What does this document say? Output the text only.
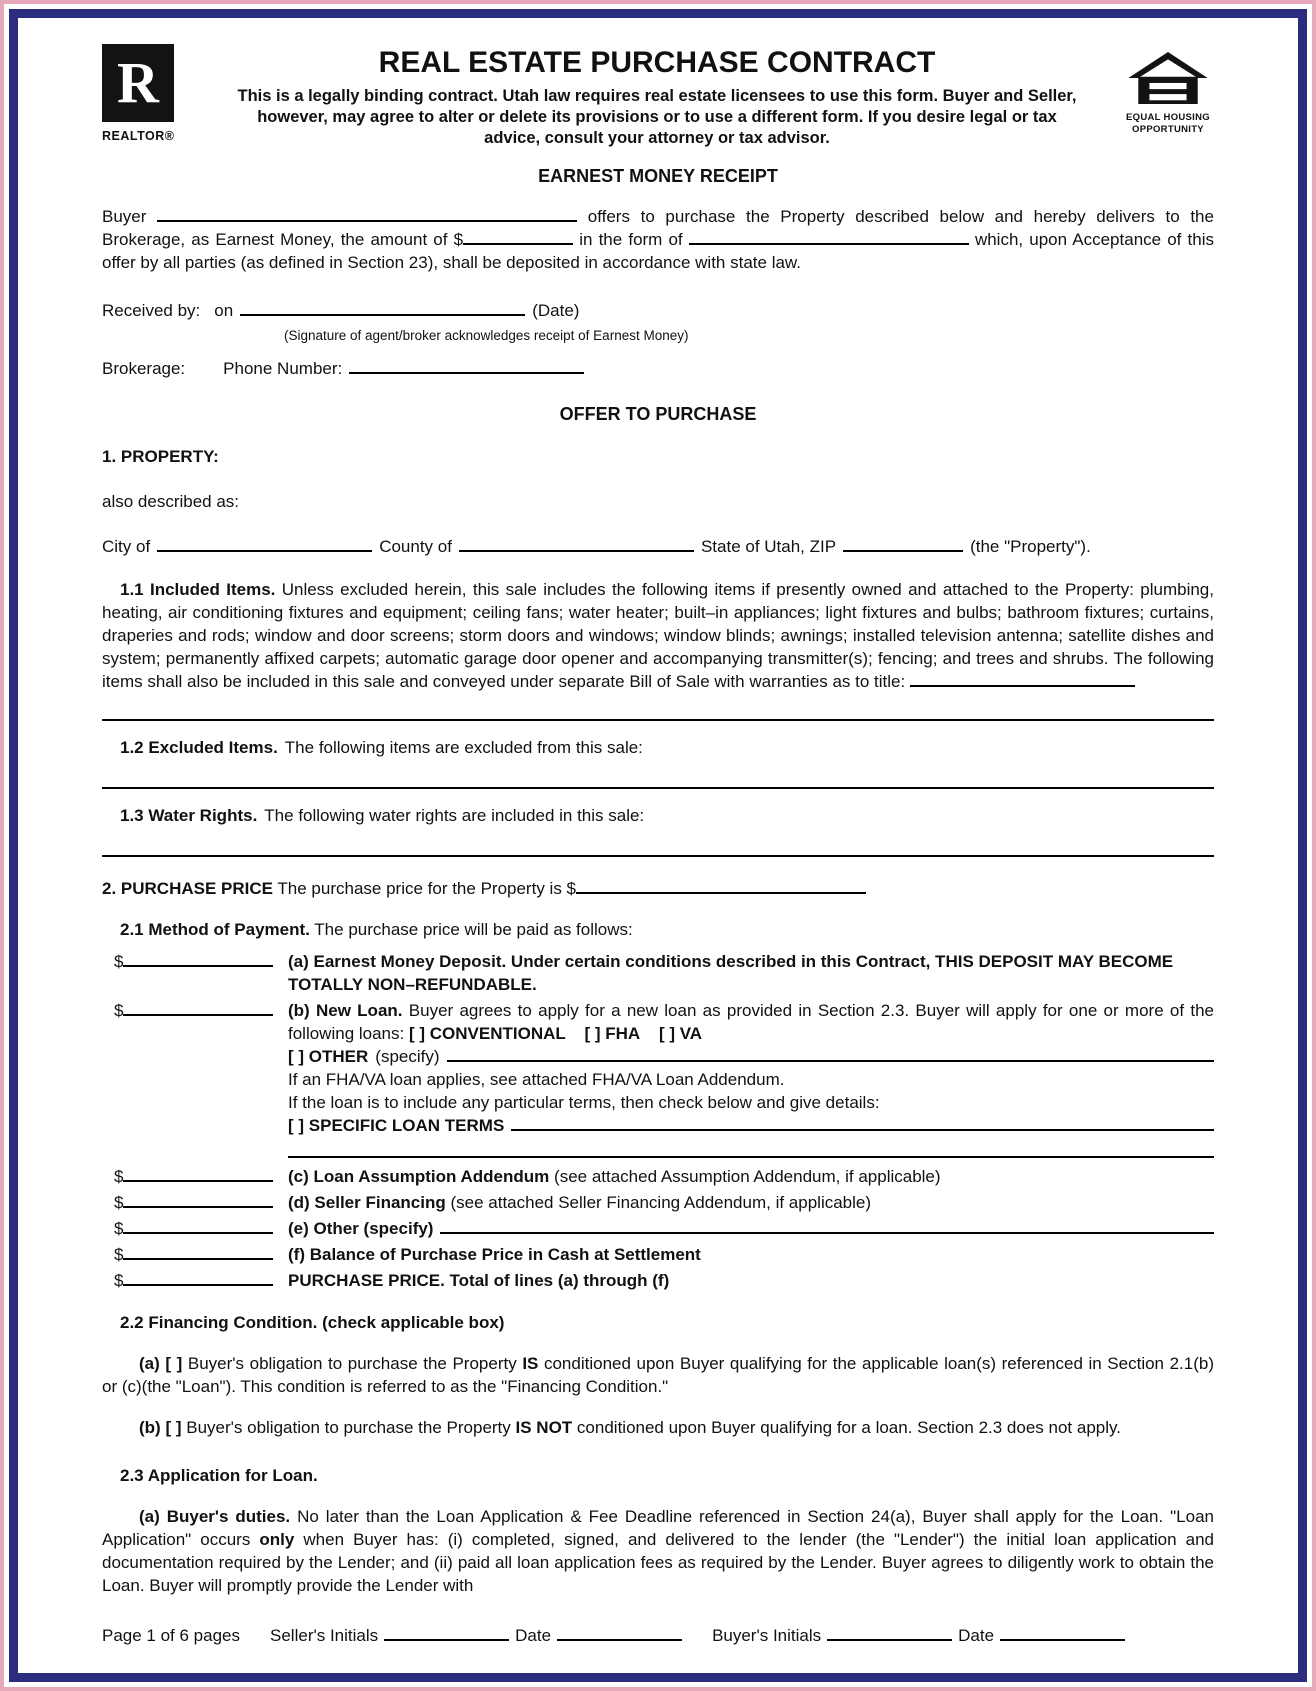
R
REALTOR®
REAL ESTATE PURCHASE CONTRACT

This is a legally binding contract. Utah law requires real estate licensees to use this form. Buyer and Seller, however, may agree to alter or delete its provisions or to use a different form. If you desire legal or tax advice, consult your attorney or tax advisor.

EQUAL HOUSING
OPPORTUNITY
EARNEST MONEY RECEIPT

Buyer	offers to purchase the Property described below and hereby delivers to the Brokerage, as Earnest Money, the amount of $	in the form of	which, upon Acceptance of this offer by all parties (as defined in Section 23), shall be deposited in accordance with state law.

Received by: on	(Date)
(Signature of agent/broker acknowledges receipt of Earnest Money)
Brokerage: Phone Number:
OFFER TO PURCHASE
1. PROPERTY:
also described as:
City of	County of	State of Utah, ZIP	(the "Property").

1.1 Included Items. Unless excluded herein, this sale includes the following items if presently owned and attached to the Property: plumbing, heating, air conditioning fixtures and equipment; ceiling fans; water heater; built–in appliances; light fixtures and bulbs; bathroom fixtures; curtains, draperies and rods; window and door screens; storm doors and windows; window blinds; awnings; installed television antenna; satellite dishes and system; permanently affixed carpets; automatic garage door opener and accompanying transmitter(s); fencing; and trees and shrubs. The following items shall also be included in this sale and conveyed under separate Bill of Sale with warranties as to title:

1.2 Excluded Items. The following items are excluded from this sale:
1.3 Water Rights. The following water rights are included in this sale:

2. PURCHASE PRICE The purchase price for the Property is $

2.1 Method of Payment. The purchase price will be paid as follows:

$	(a) Earnest Money Deposit. Under certain conditions described in this Contract, THIS DEPOSIT MAY BECOME TOTALLY NON–REFUNDABLE.
$	(b) New Loan. Buyer agrees to apply for a new loan as provided in Section 2.3. Buyer will apply for one or more of the following loans: [ ] CONVENTIONAL [ ] FHA [ ] VA
[ ] OTHER (specify)
If an FHA/VA loan applies, see attached FHA/VA Loan Addendum.
If the loan is to include any particular terms, then check below and give details:
[ ] SPECIFIC LOAN TERMS
$	(c) Loan Assumption Addendum (see attached Assumption Addendum, if applicable)
$	(d) Seller Financing (see attached Seller Financing Addendum, if applicable)
$	(e) Other (specify)
$	(f) Balance of Purchase Price in Cash at Settlement
$	PURCHASE PRICE. Total of lines (a) through (f)

2.2 Financing Condition. (check applicable box)

(a) [ ] Buyer's obligation to purchase the Property IS conditioned upon Buyer qualifying for the applicable loan(s) referenced in Section 2.1(b) or (c)(the "Loan"). This condition is referred to as the "Financing Condition."

(b) [ ] Buyer's obligation to purchase the Property IS NOT conditioned upon Buyer qualifying for a loan. Section 2.3 does not apply.

2.3 Application for Loan.

(a) Buyer's duties. No later than the Loan Application & Fee Deadline referenced in Section 24(a), Buyer shall apply for the Loan. "Loan Application" occurs only when Buyer has: (i) completed, signed, and delivered to the lender (the "Lender") the initial loan application and documentation required by the Lender; and (ii) paid all loan application fees as required by the Lender. Buyer agrees to diligently work to obtain the Loan. Buyer will promptly provide the Lender with

Page 1 of 6 pages Seller's Initials	Date	Buyer's Initials	Date
